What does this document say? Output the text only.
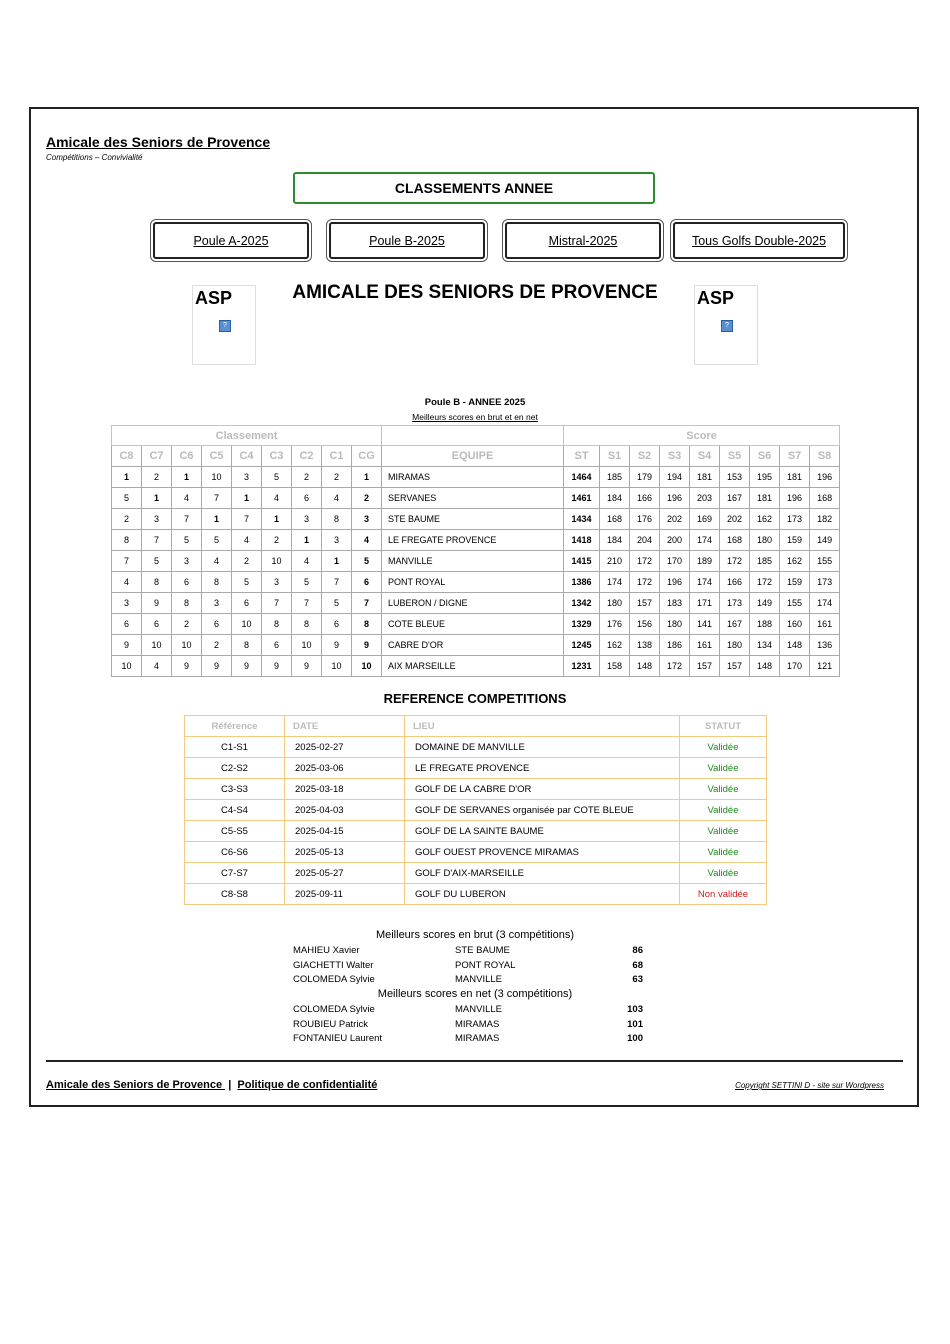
Amicale des Seniors de Provence
Compétitions – Convivialité
CLASSEMENTS ANNEE
Poule A-2025	Poule B-2025	Mistral-2025	Tous Golfs Double-2025
ASP
?
AMICALE DES SENIORS DE PROVENCE	ASP
?
Poule B - ANNEE 2025
Meilleurs scores en brut et en net
Classement										Score								
C8	C7	C6	C5	C4	C3	C2	C1	CG	EQUIPE	ST	S1	S2	S3	S4	S5	S6	S7	S8
1	2	1	10	3	5	2	2	1	MIRAMAS	1464	185	179	194	181	153	195	181	196
5	1	4	7	1	4	6	4	2	SERVANES	1461	184	166	196	203	167	181	196	168
2	3	7	1	7	1	3	8	3	STE BAUME	1434	168	176	202	169	202	162	173	182
8	7	5	5	4	2	1	3	4	LE FREGATE PROVENCE	1418	184	204	200	174	168	180	159	149
7	5	3	4	2	10	4	1	5	MANVILLE	1415	210	172	170	189	172	185	162	155
4	8	6	8	5	3	5	7	6	PONT ROYAL	1386	174	172	196	174	166	172	159	173
3	9	8	3	6	7	7	5	7	LUBERON / DIGNE	1342	180	157	183	171	173	149	155	174
6	6	2	6	10	8	8	6	8	COTE BLEUE	1329	176	156	180	141	167	188	160	161
9	10	10	2	8	6	10	9	9	CABRE D'OR	1245	162	138	186	161	180	134	148	136
10	4	9	9	9	9	9	10	10	AIX MARSEILLE	1231	158	148	172	157	157	148	170	121
REFERENCE COMPETITIONS
Référence	DATE	LIEU	STATUT
C1-S1	2025-02-27	DOMAINE DE MANVILLE	Validée
C2-S2	2025-03-06	LE FREGATE PROVENCE	Validée
C3-S3	2025-03-18	GOLF DE LA CABRE D'OR	Validée
C4-S4	2025-04-03	GOLF DE SERVANES organisée par COTE BLEUE	Validée
C5-S5	2025-04-15	GOLF DE LA SAINTE BAUME	Validée
C6-S6	2025-05-13	GOLF OUEST PROVENCE MIRAMAS	Validée
C7-S7	2025-05-27	GOLF D'AIX-MARSEILLE	Validée
C8-S8	2025-09-11	GOLF DU LUBERON	Non validée
Meilleurs scores en brut (3 compétitions)
MAHIEU Xavier	STE BAUME	86
GIACHETTI Walter	PONT ROYAL	68
COLOMEDA Sylvie	MANVILLE	63
Meilleurs scores en net (3 compétitions)
COLOMEDA Sylvie	MANVILLE	103
ROUBIEU Patrick	MIRAMAS	101
FONTANIEU Laurent	MIRAMAS	100
Amicale des Seniors de Provence  | Politique de confidentialité	Copyright SETTINI D - site sur Wordpress
